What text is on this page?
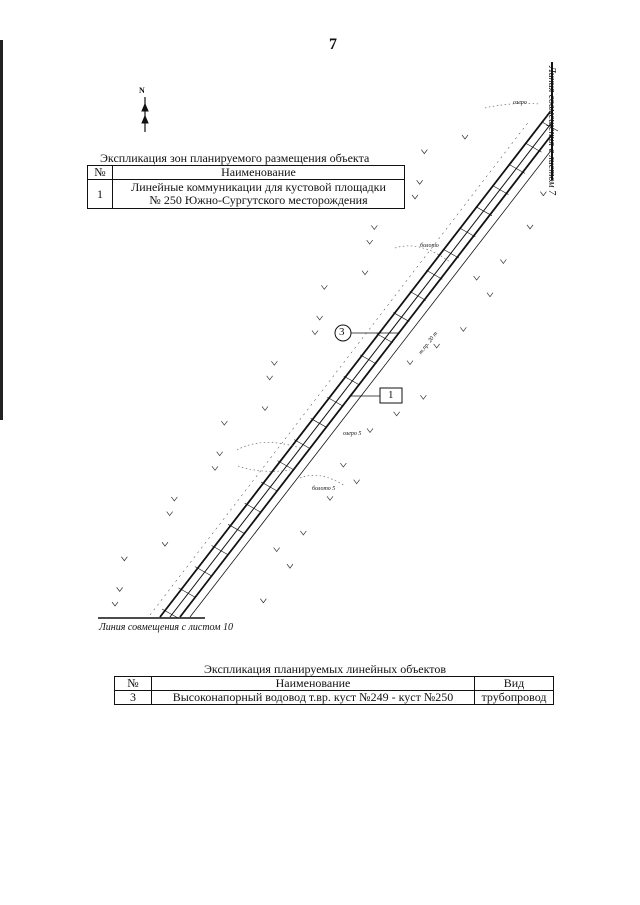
7
N
3
1
озеро
болото
озеро 5
болото 5
т.пр. 20 т
Линия совмещения с листом 10
Линия совмещения с листом 7
Экспликация зон планируемого размещения объекта
№	Наименование
1	Линейные коммуникации для кустовой площадки
№ 250 Южно-Сургутского месторождения
Экспликация планируемых линейных объектов
№	Наименование	Вид
3	Высоконапорный водовод т.вр. куст №249 - куст №250	трубопровод
